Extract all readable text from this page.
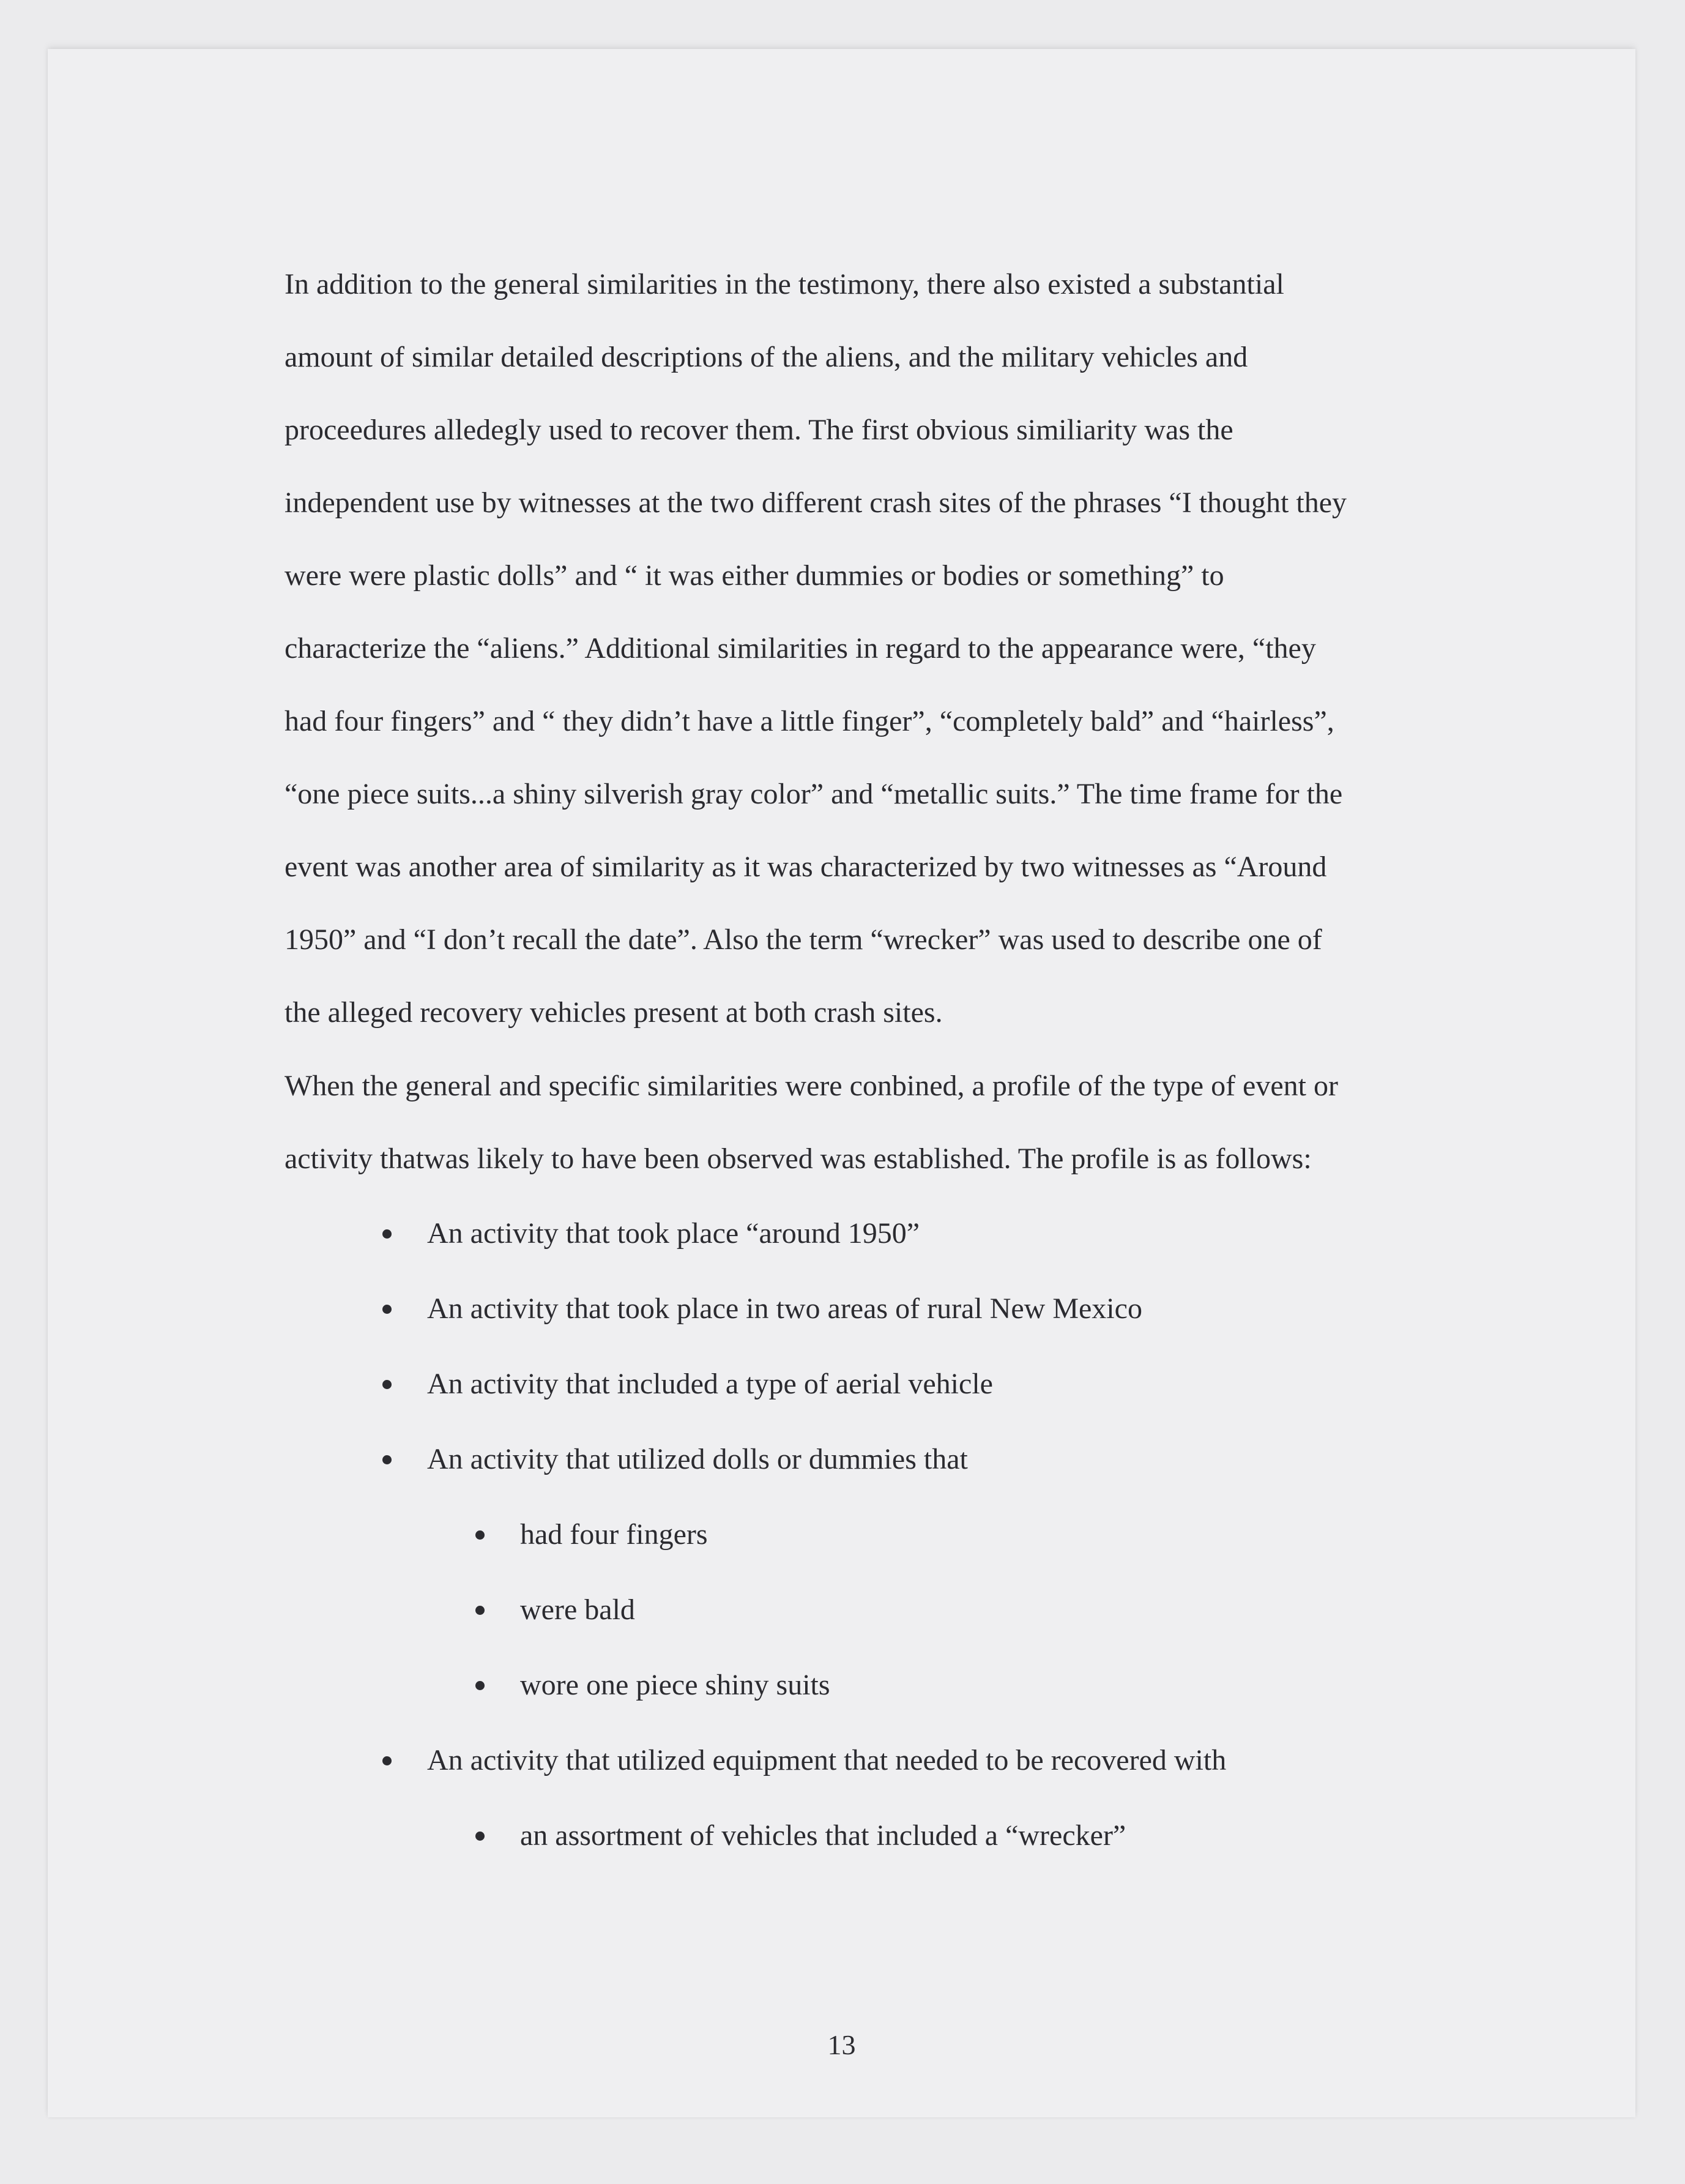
In addition to the general similarities in the testimony, there also existed a substantial
amount of similar detailed descriptions of the aliens, and the military vehicles and
proceedures alledegly used to recover them. The first obvious similiarity was the
independent use by witnesses at the two different crash sites of the phrases “I thought they
were were plastic dolls” and “ it was either dummies or bodies or something” to
characterize the “aliens.” Additional similarities in regard to the appearance were, “they
had four fingers” and “ they didn’t have a little finger”, “completely bald” and “hairless”,
“one piece suits...a shiny silverish gray color” and “metallic suits.” The time frame for the
event was another area of similarity as it was characterized by two witnesses as “Around
1950” and “I don’t recall the date”. Also the term “wrecker” was used to describe one of
the alleged recovery vehicles present at both crash sites.
When the general and specific similarities were conbined, a profile of the type of event or
activity thatwas likely to have been observed was established. The profile is as follows:
An activity that took place “around 1950”
An activity that took place in two areas of rural New Mexico
An activity that included a type of aerial vehicle
An activity that utilized dolls or dummies that
had four fingers
were bald
wore one piece shiny suits
An activity that utilized equipment that needed to be recovered with
an assortment of vehicles that included a “wrecker”
13
